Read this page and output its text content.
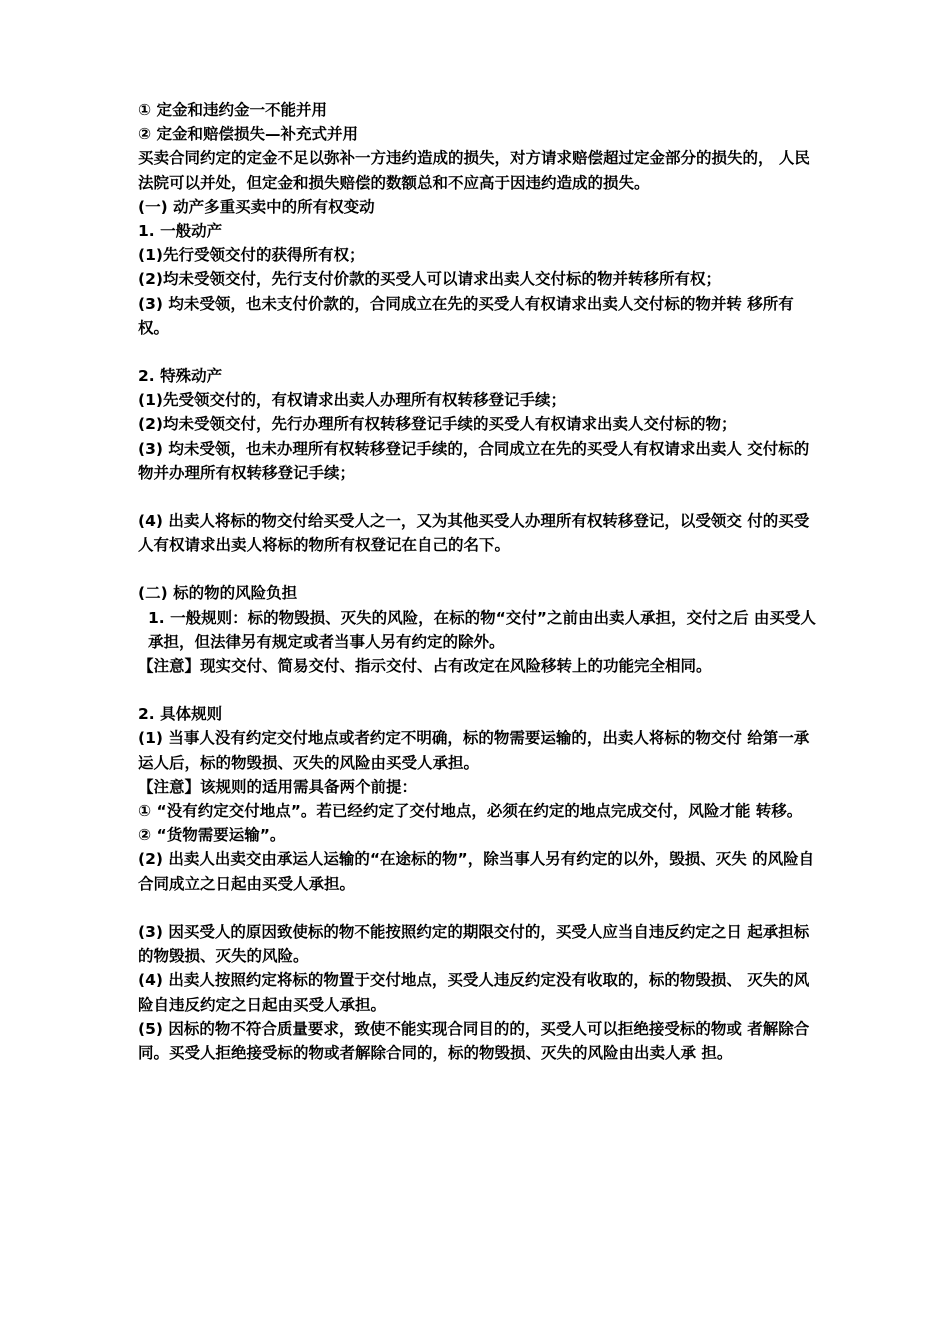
① 定金和违约金一不能并用

② 定金和赔偿损失—补充式并用

买卖合同约定的定金不足以弥补一方违约造成的损失，对方请求赔偿超过定金部分的损失的， 人民法院可以并处，但定金和损失赔偿的数额总和不应高于因违约造成的损失。

(一) 动产多重买卖中的所有权变动

1. 一般动产

(1)先行受领交付的获得所有权；

(2)均未受领交付，先行支付价款的买受人可以请求出卖人交付标的物并转移所有权；

(3) 均未受领，也未支付价款的，合同成立在先的买受人有权请求出卖人交付标的物并转 移所有权。

2. 特殊动产

(1)先受领交付的，有权请求出卖人办理所有权转移登记手续；

(2)均未受领交付，先行办理所有权转移登记手续的买受人有权请求出卖人交付标的物；

(3) 均未受领，也未办理所有权转移登记手续的，合同成立在先的买受人有权请求出卖人 交付标的物并办理所有权转移登记手续；

(4) 出卖人将标的物交付给买受人之一，又为其他买受人办理所有权转移登记，以受领交 付的买受人有权请求出卖人将标的物所有权登记在自己的名下。

(二) 标的物的风险负担

1. 一般规则：标的物毁损、灭失的风险，在标的物“交付”之前由出卖人承担，交付之后 由买受人承担，但法律另有规定或者当事人另有约定的除外。

【注意】现实交付、简易交付、指示交付、占有改定在风险移转上的功能完全相同。

2. 具体规则

(1) 当事人没有约定交付地点或者约定不明确，标的物需要运输的，出卖人将标的物交付 给第一承运人后，标的物毁损、灭失的风险由买受人承担。

【注意】该规则的适用需具备两个前提：

① “没有约定交付地点”。若已经约定了交付地点，必须在约定的地点完成交付，风险才能 转移。

② “货物需要运输”。

(2) 出卖人出卖交由承运人运输的“在途标的物”，除当事人另有约定的以外，毁损、灭失 的风险自合同成立之日起由买受人承担。

(3) 因买受人的原因致使标的物不能按照约定的期限交付的，买受人应当自违反约定之日 起承担标的物毁损、灭失的风险。

(4) 出卖人按照约定将标的物置于交付地点，买受人违反约定没有收取的，标的物毁损、 灭失的风险自违反约定之日起由买受人承担。

(5) 因标的物不符合质量要求，致使不能实现合同目的的，买受人可以拒绝接受标的物或 者解除合同。买受人拒绝接受标的物或者解除合同的，标的物毁损、灭失的风险由出卖人承 担。
